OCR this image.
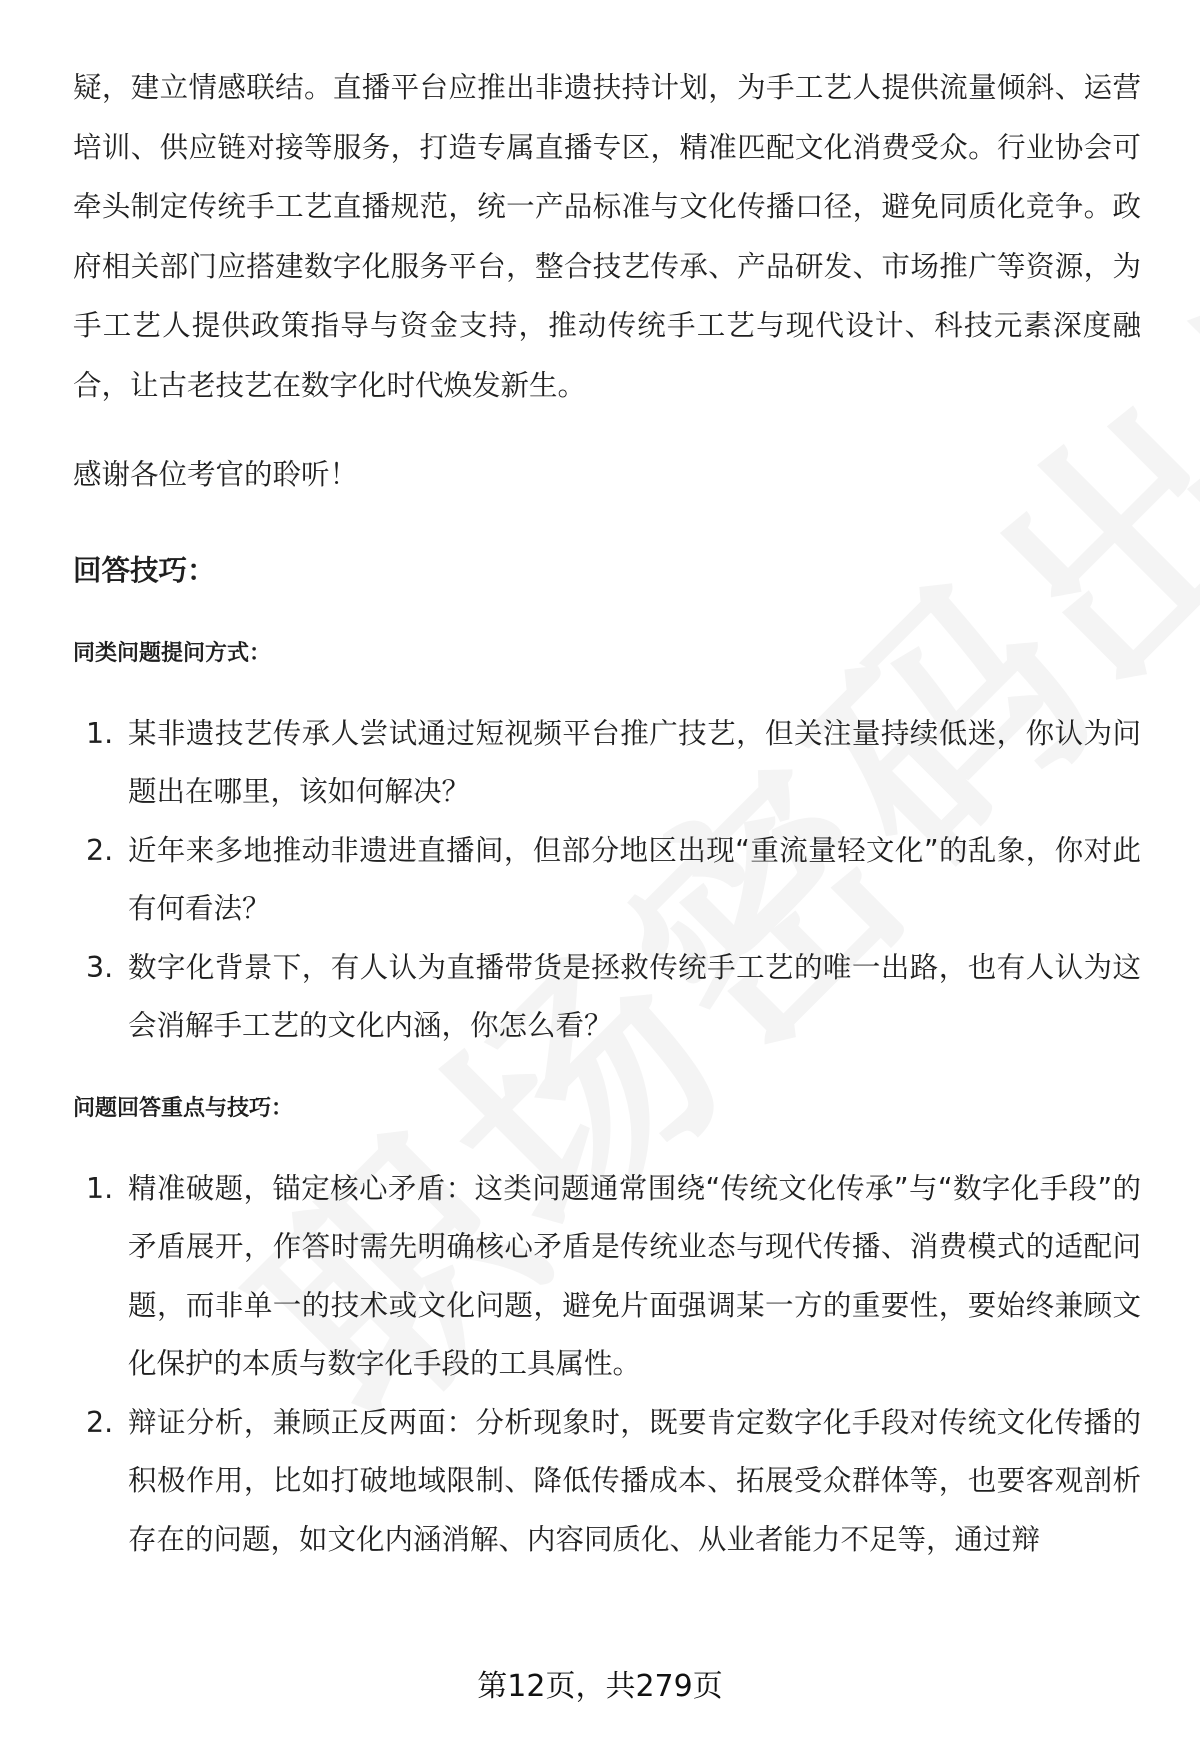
疑，建立情感联结。直播平台应推出非遗扶持计划，为手工艺人提供流量倾斜、运营培训、供应链对接等服务，打造专属直播专区，精准匹配文化消费受众。行业协会可牵头制定传统手工艺直播规范，统一产品标准与文化传播口径，避免同质化竞争。政府相关部门应搭建数字化服务平台，整合技艺传承、产品研发、市场推广等资源，为手工艺人提供政策指导与资金支持，推动传统手工艺与现代设计、科技元素深度融合，让古老技艺在数字化时代焕发新生。

感谢各位考官的聆听！

回答技巧：
同类问题提问方式：
1. 某非遗技艺传承人尝试通过短视频平台推广技艺，但关注量持续低迷，你认为问题出在哪里，该如何解决？
2. 近年来多地推动非遗进直播间，但部分地区出现“重流量轻文化”的乱象，你对此有何看法？
3. 数字化背景下，有人认为直播带货是拯救传统手工艺的唯一出路，也有人认为这会消解手工艺的文化内涵，你怎么看？
问题回答重点与技巧：
1. 精准破题，锚定核心矛盾：这类问题通常围绕“传统文化传承”与“数字化手段”的矛盾展开，作答时需先明确核心矛盾是传统业态与现代传播、消费模式的适配问题，而非单一的技术或文化问题，避免片面强调某一方的重要性，要始终兼顾文化保护的本质与数字化手段的工具属性。
2. 辩证分析，兼顾正反两面：分析现象时，既要肯定数字化手段对传统文化传播的积极作用，比如打破地域限制、降低传播成本、拓展受众群体等，也要客观剖析存在的问题，如文化内涵消解、内容同质化、从业者能力不足等，通过辩
第12页，共279页
